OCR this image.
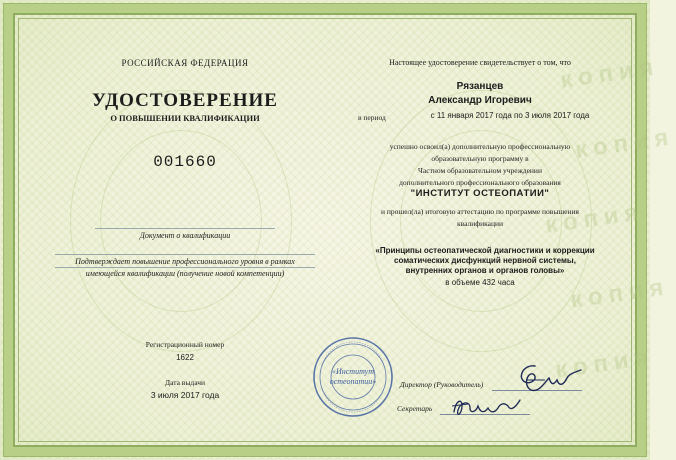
копия
копия
копия
копия
копия
РОССИЙСКАЯ ФЕДЕРАЦИЯ
УДОСТОВЕРЕНИЕ
О ПОВЫШЕНИИ КВАЛИФИКАЦИИ
001660
Документ о квалификации
Подтверждает повышение профессионального уровня в рамках
имеющейся квалификации (получение новой компетенции)
Регистрационный номер
1622
Дата выдачи
3 июля 2017 года
Настоящее удостоверение свидетельствует о том, что
Рязанцев
Александр Игоревич
в период	с 11 января 2017 года по 3 июля 2017 года
успешно освоил(а) дополнительную профессиональную
образовательную программу в
Частном образовательном учреждении
дополнительного профессионального образования
"ИНСТИТУТ ОСТЕОПАТИИ"
и прошел(ла) итоговую аттестацию по программе повышения
квалификации
«Принципы остеопатической диагностики и коррекции
соматических дисфункций нервной системы,
внутренних органов и органов головы»
в объеме 432 часа
Директор (Руководитель)
Секретарь
«Институт
остеопатии»
